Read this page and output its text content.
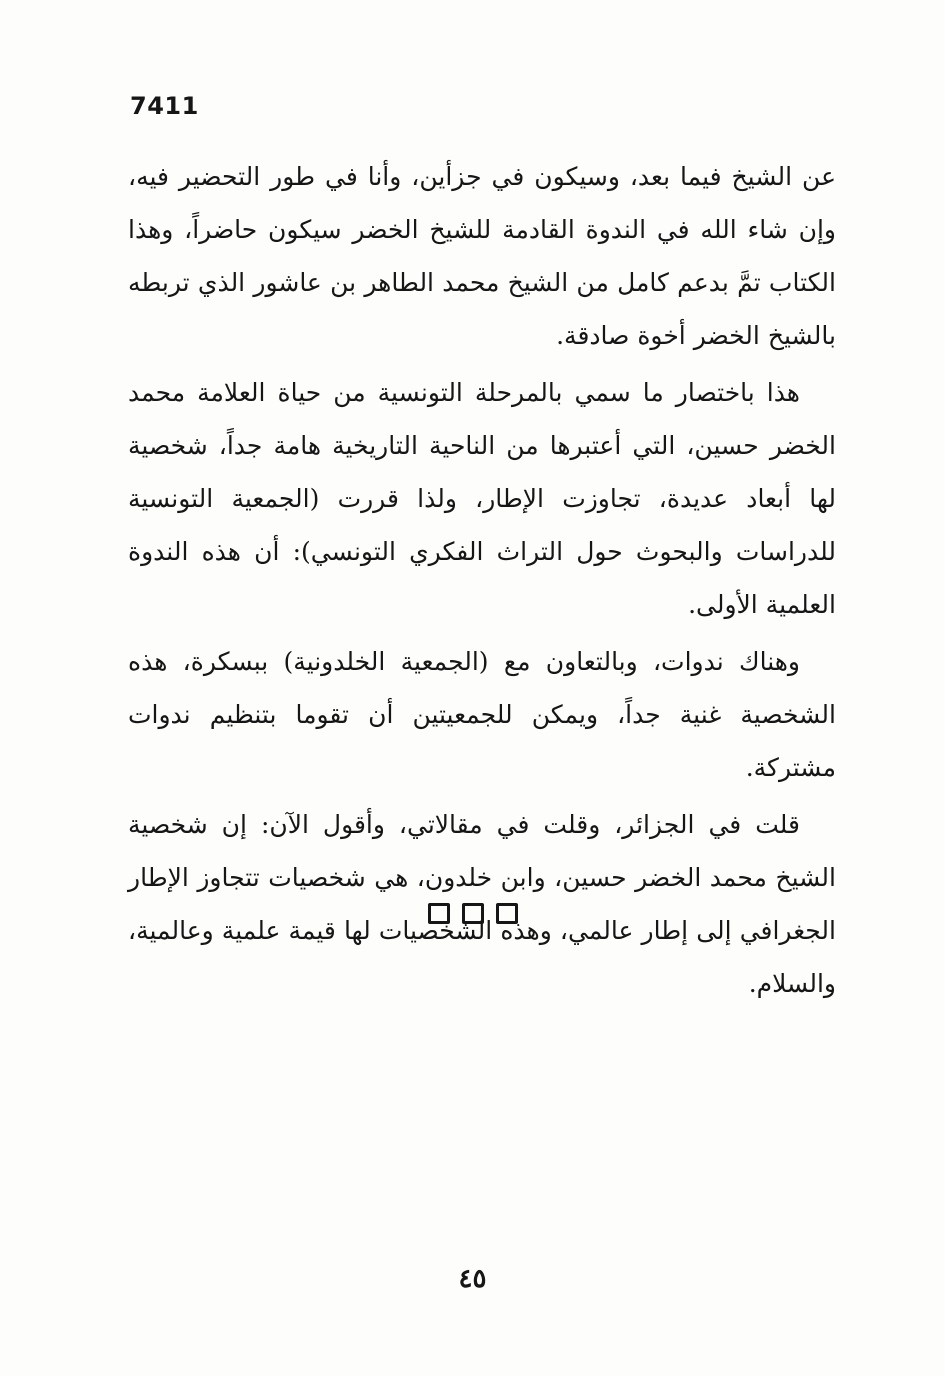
7411

عن الشيخ فيما بعد، وسيكون في جزأين، وأنا في طور التحضير فيه، وإن شاء الله في الندوة القادمة للشيخ الخضر سيكون حاضراً، وهذا الكتاب تمَّ بدعم كامل من الشيخ محمد الطاهر بن عاشور الذي تربطه بالشيخ الخضر أخوة صادقة.

هذا باختصار ما سمي بالمرحلة التونسية من حياة العلامة محمد الخضر حسين، التي أعتبرها من الناحية التاريخية هامة جداً، شخصية لها أبعاد عديدة، تجاوزت الإطار، ولذا قررت (الجمعية التونسية للدراسات والبحوث حول التراث الفكري التونسي): أن هذه الندوة العلمية الأولى.

وهناك ندوات، وبالتعاون مع (الجمعية الخلدونية) ببسكرة، هذه الشخصية غنية جداً، ويمكن للجمعيتين أن تقوما بتنظيم ندوات مشتركة.

قلت في الجزائر، وقلت في مقالاتي، وأقول الآن: إن شخصية الشيخ محمد الخضر حسين، وابن خلدون، هي شخصيات تتجاوز الإطار الجغرافي إلى إطار عالمي، وهذه الشخصيات لها قيمة علمية وعالمية، والسلام.

٤٥
